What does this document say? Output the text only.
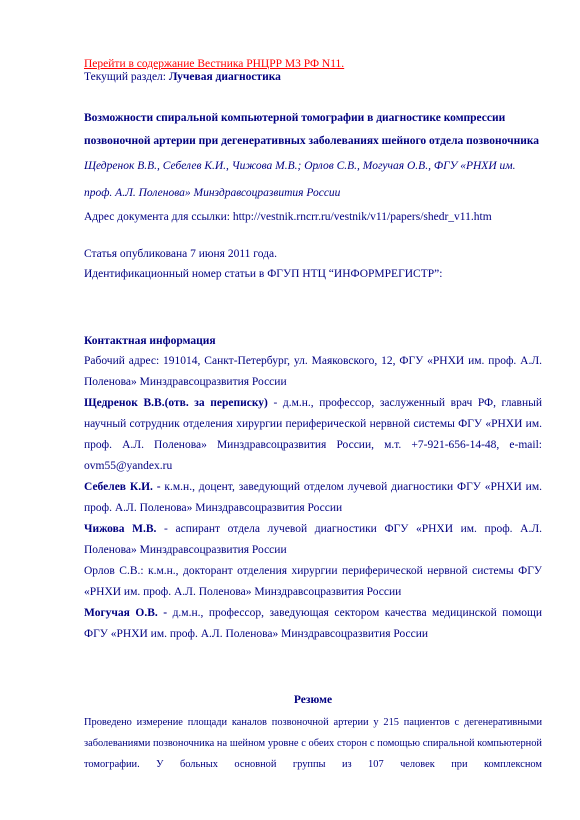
Перейти в содержание Вестника РНЦРР МЗ РФ N11.
Текущий раздел: Лучевая диагностика

Возможности спиральной компьютерной томографии в диагностике компрессии позвоночной артерии при дегенеративных заболеваниях шейного отдела позвоночника

Щедренок В.В., Себелев К.И., Чижова М.В.; Орлов С.В., Могучая О.В., ФГУ «РНХИ им. проф. А.Л. Поленова» Минздравсоцразвития России

Адрес документа для ссылки: http://vestnik.rncrr.ru/vestnik/v11/papers/shedr_v11.htm

Статья опубликована 7 июня 2011 года.

Идентификационный номер статьи в ФГУП НТЦ “ИНФОРМРЕГИСТР”:

Контактная информация

Рабочий адрес: 191014, Санкт-Петербург, ул. Маяковского, 12, ФГУ «РНХИ им. проф. А.Л. Поленова» Минздравсоцразвития России

Щедренок В.В.(отв. за переписку) - д.м.н., профессор, заслуженный врач РФ, главный научный сотрудник отделения хирургии периферической нервной системы ФГУ «РНХИ им. проф. А.Л. Поленова» Минздравсоцразвития России, м.т. +7-921-656-14-48, e-mail: ovm55@yandex.ru

Себелев К.И. - к.м.н., доцент, заведующий отделом лучевой диагностики ФГУ «РНХИ им. проф. А.Л. Поленова» Минздравсоцразвития России

Чижова М.В. - аспирант отдела лучевой диагностики ФГУ «РНХИ им. проф. А.Л. Поленова» Минздравсоцразвития России

Орлов С.В.: к.м.н., докторант отделения хирургии периферической нервной системы ФГУ «РНХИ им. проф. А.Л. Поленова» Минздравсоцразвития России

Могучая О.В. - д.м.н., профессор, заведующая сектором качества медицинской помощи ФГУ «РНХИ им. проф. А.Л. Поленова» Минздравсоцразвития России

Резюме

Проведено измерение площади каналов позвоночной артерии у 215 пациентов с дегенеративными заболеваниями позвоночника на шейном уровне с обеих сторон с помощью спиральной компьютерной томографии. У больных основной группы из 107 человек при комплексном
